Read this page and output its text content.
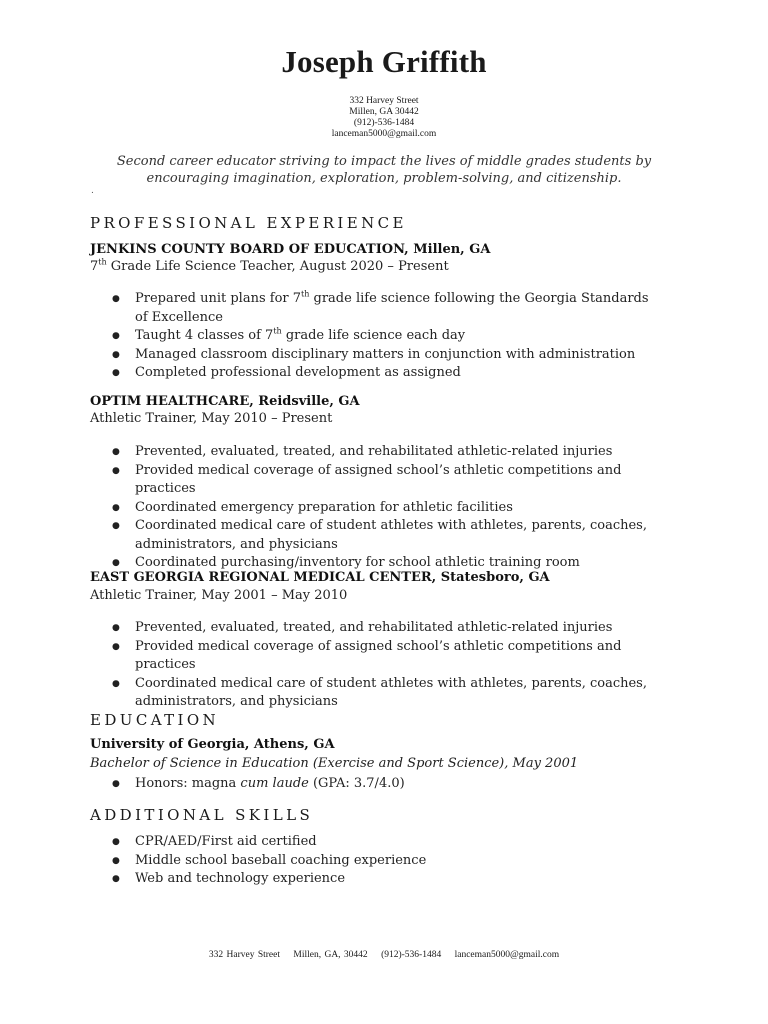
Joseph Griffith
332 Harvey Street
Millen, GA 30442
(912)-536-1484
lanceman5000@gmail.com
Second career educator striving to impact the lives of middle grades students by encouraging imagination, exploration, problem-solving, and citizenship.
.
PROFESSIONAL EXPERIENCE
JENKINS COUNTY BOARD OF EDUCATION, Millen, GA
7th Grade Life Science Teacher, August 2020 – Present
● Prepared unit plans for 7th grade life science following the Georgia Standards of Excellence
● Taught 4 classes of 7th grade life science each day
● Managed classroom disciplinary matters in conjunction with administration
● Completed professional development as assigned
OPTIM HEALTHCARE, Reidsville, GA
Athletic Trainer, May 2010 – Present
● Prevented, evaluated, treated, and rehabilitated athletic-related injuries
● Provided medical coverage of assigned school’s athletic competitions and practices
● Coordinated emergency preparation for athletic facilities
● Coordinated medical care of student athletes with athletes, parents, coaches, administrators, and physicians
● Coordinated purchasing/inventory for school athletic training room
EAST GEORGIA REGIONAL MEDICAL CENTER, Statesboro, GA
Athletic Trainer, May 2001 – May 2010
● Prevented, evaluated, treated, and rehabilitated athletic-related injuries
● Provided medical coverage of assigned school’s athletic competitions and practices
● Coordinated medical care of student athletes with athletes, parents, coaches, administrators, and physicians
EDUCATION
University of Georgia, Athens, GA
Bachelor of Science in Education (Exercise and Sport Science), May 2001
● Honors: magna cum laude (GPA: 3.7/4.0)
ADDITIONAL SKILLS
● CPR/AED/First aid certified
● Middle school baseball coaching experience
● Web and technology experience
332 Harvey Street Millen, GA, 30442 (912)-536-1484 lanceman5000@gmail.com
